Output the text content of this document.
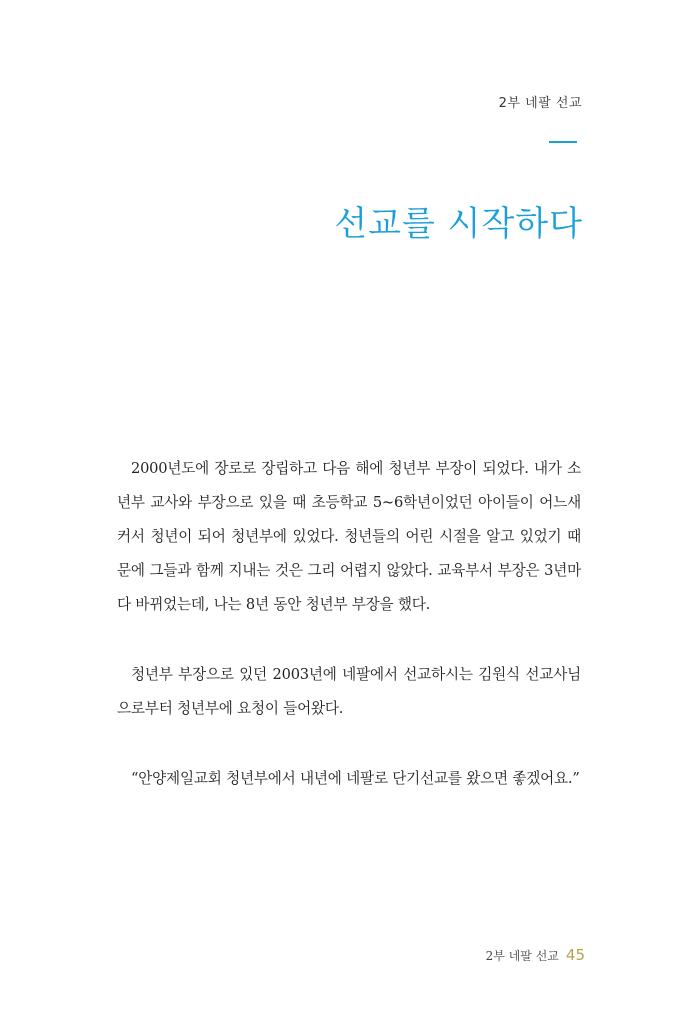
2부 네팔 선교
선교를 시작하다

2000년도에 장로로 장립하고 다음 해에 청년부 부장이 되었다. 내가 소년부 교사와 부장으로 있을 때 초등학교 5~6학년이었던 아이들이 어느새 커서 청년이 되어 청년부에 있었다. 청년들의 어린 시절을 알고 있었기 때문에 그들과 함께 지내는 것은 그리 어렵지 않았다. 교육부서 부장은 3년마다 바뀌었는데, 나는 8년 동안 청년부 부장을 했다.

청년부 부장으로 있던 2003년에 네팔에서 선교하시는 김원식 선교사님으로부터 청년부에 요청이 들어왔다.

“안양제일교회 청년부에서 내년에 네팔로 단기선교를 왔으면 좋겠어요.”

2부 네팔 선교 45
